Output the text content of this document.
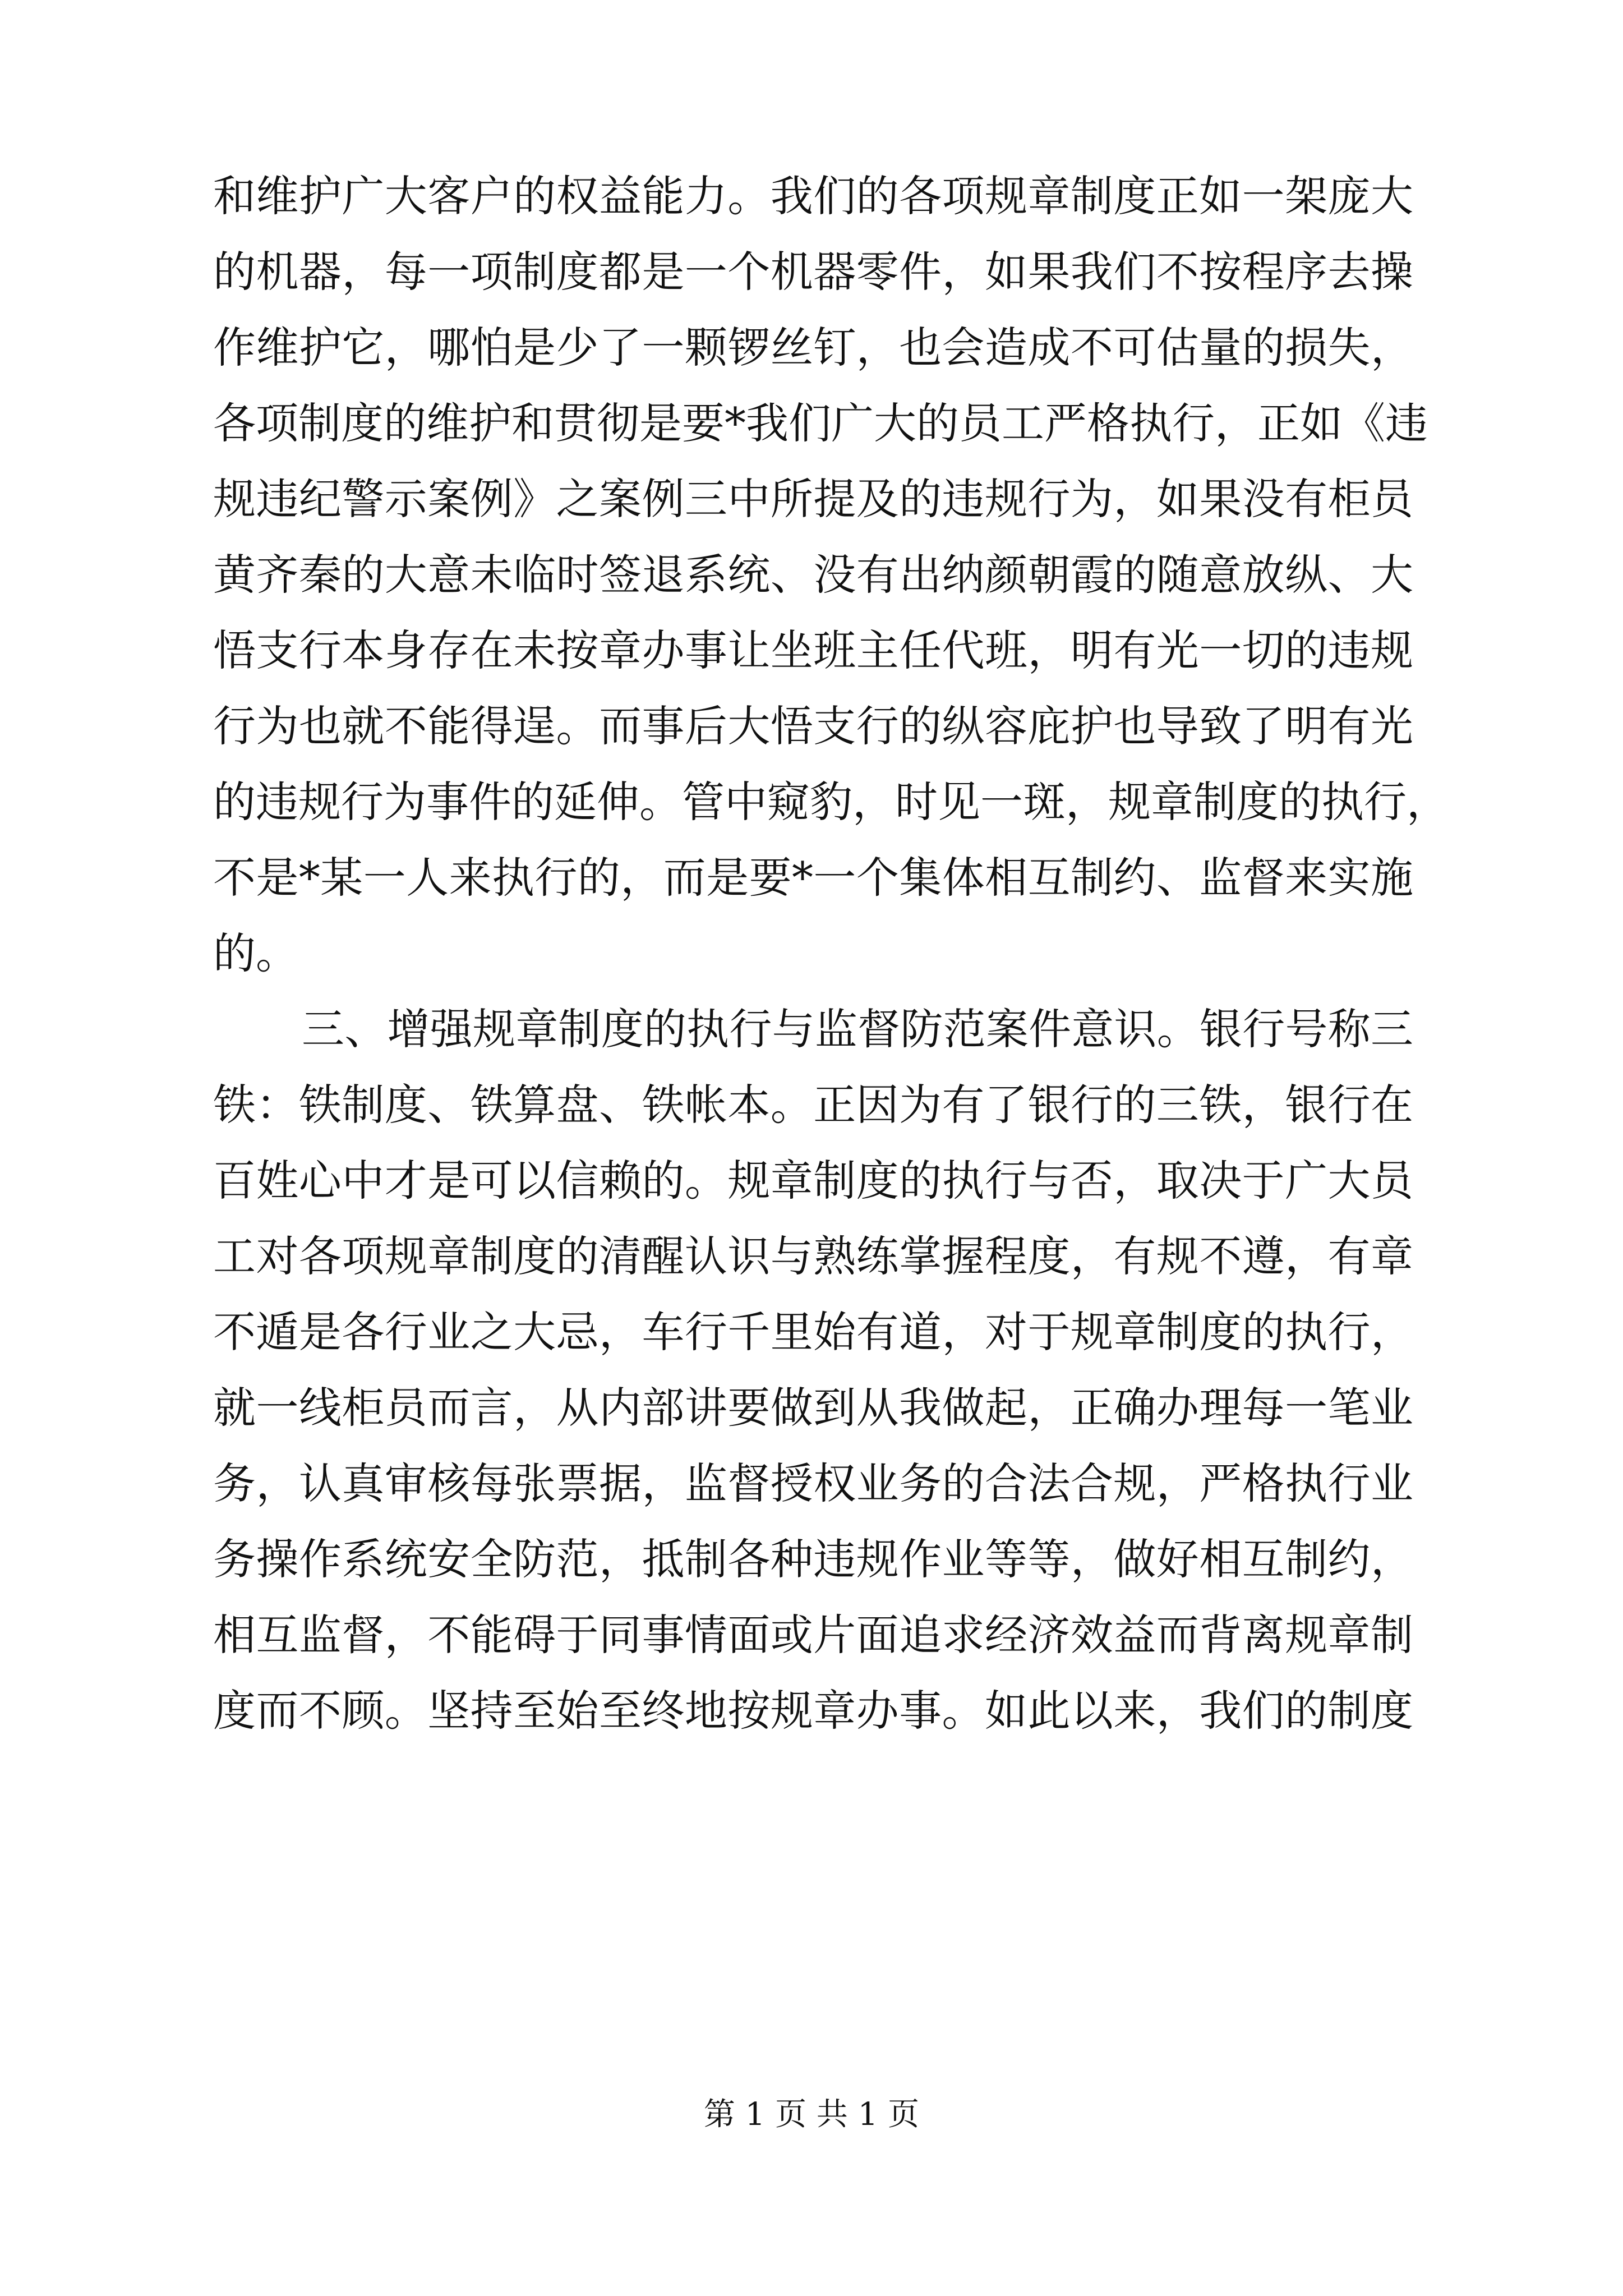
和维护广大客户的权益能力。我们的各项规章制度正如一架庞大
的机器，每一项制度都是一个机器零件，如果我们不按程序去操
作维护它，哪怕是少了一颗锣丝钉，也会造成不可估量的损失，
各项制度的维护和贯彻是要*我们广大的员工严格执行，正如《违
规违纪警示案例》之案例三中所提及的违规行为，如果没有柜员
黄齐秦的大意未临时签退系统、没有出纳颜朝霞的随意放纵、大
悟支行本身存在未按章办事让坐班主任代班，明有光一切的违规
行为也就不能得逞。而事后大悟支行的纵容庇护也导致了明有光
的违规行为事件的延伸。管中窥豹，时见一斑，规章制度的执行，
不是*某一人来执行的，而是要*一个集体相互制约、监督来实施
的。
三、增强规章制度的执行与监督防范案件意识。银行号称三
铁：铁制度、铁算盘、铁帐本。正因为有了银行的三铁，银行在
百姓心中才是可以信赖的。规章制度的执行与否，取决于广大员
工对各项规章制度的清醒认识与熟练掌握程度，有规不遵，有章
不遁是各行业之大忌，车行千里始有道，对于规章制度的执行，
就一线柜员而言，从内部讲要做到从我做起，正确办理每一笔业
务，认真审核每张票据，监督授权业务的合法合规，严格执行业
务操作系统安全防范，抵制各种违规作业等等，做好相互制约，
相互监督，不能碍于同事情面或片面追求经济效益而背离规章制
度而不顾。坚持至始至终地按规章办事。如此以来，我们的制度
第 1 页 共 1 页
